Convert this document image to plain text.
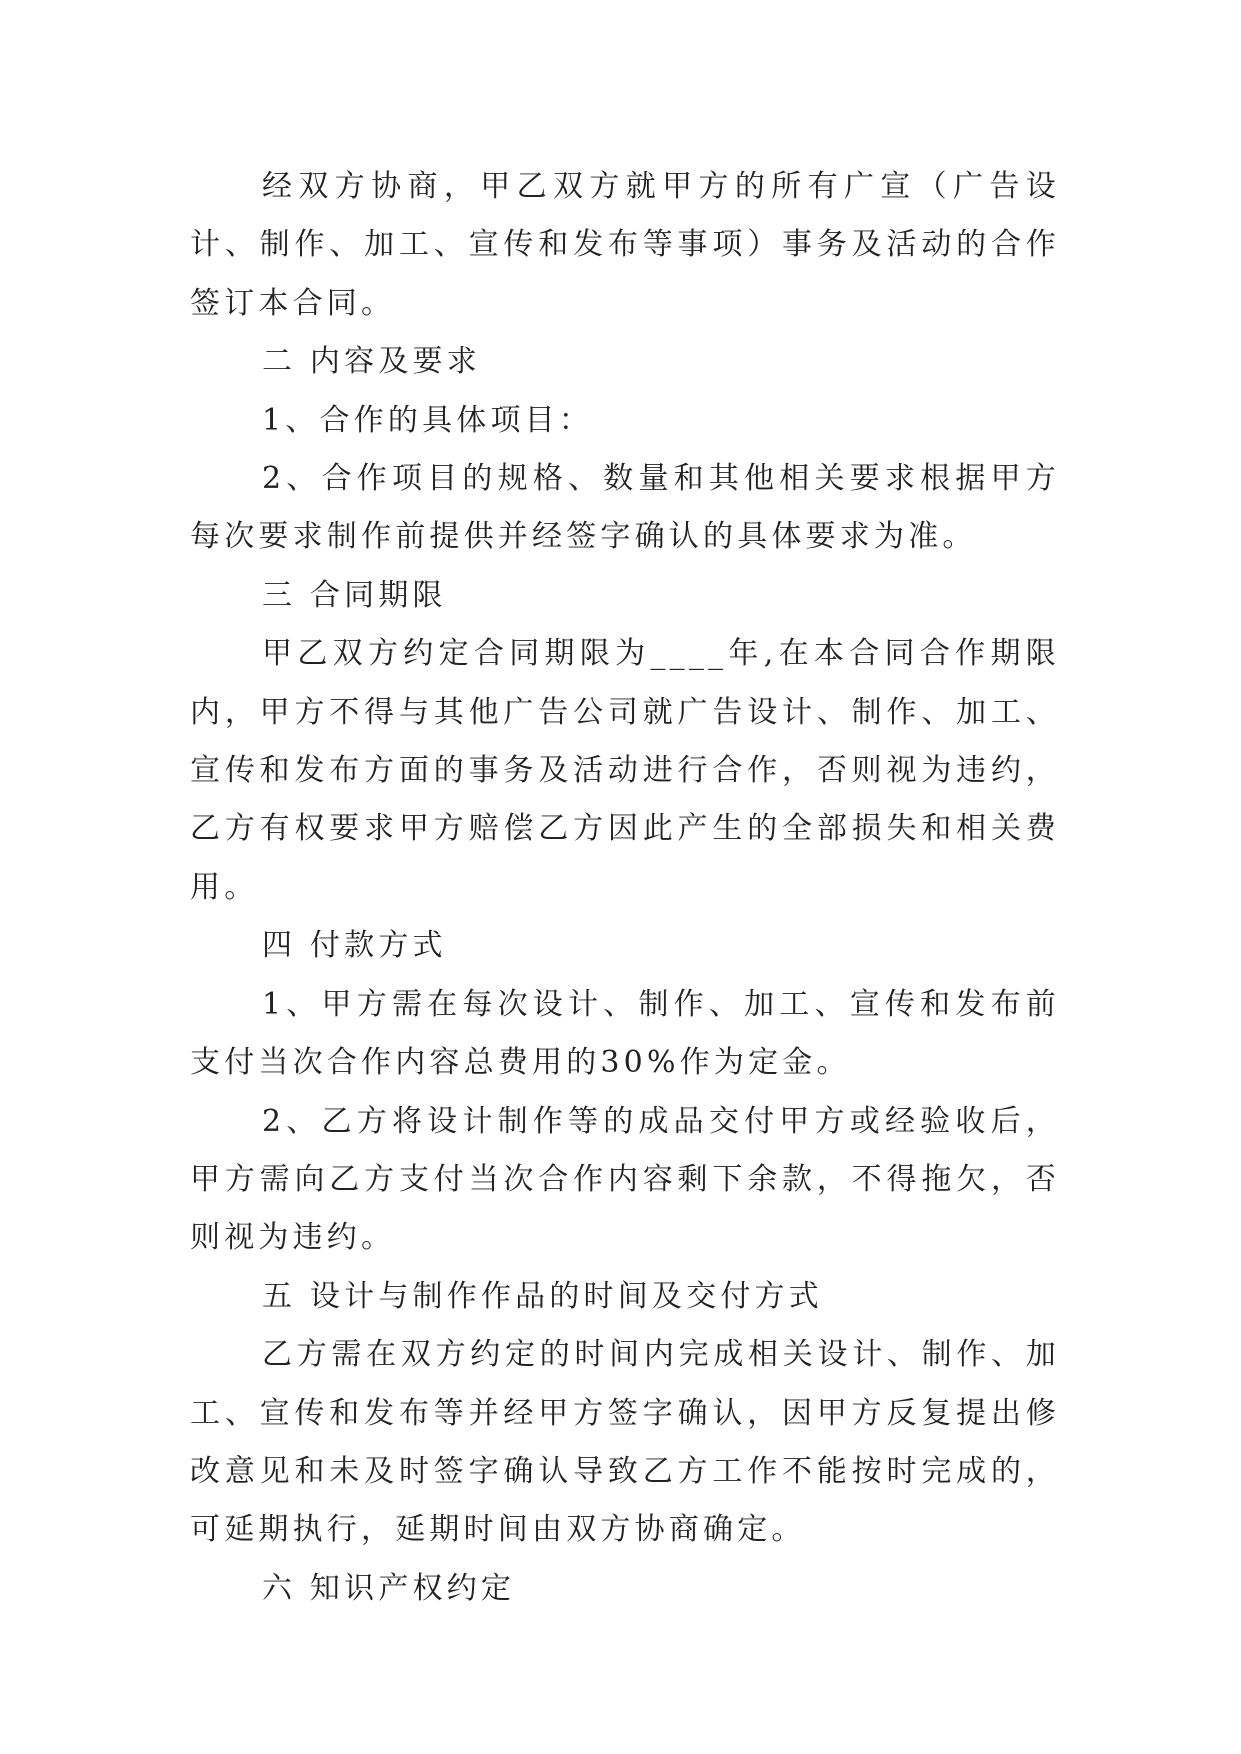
经双方协商，甲乙双方就甲方的所有广宣（广告设计、制作、加工、宣传和发布等事项）事务及活动的合作签订本合同。

二 内容及要求

1、合作的具体项目：

2、合作项目的规格、数量和其他相关要求根据甲方每次要求制作前提供并经签字确认的具体要求为准。

三 合同期限

甲乙双方约定合同期限为____年,在本合同合作期限内，甲方不得与其他广告公司就广告设计、制作、加工、宣传和发布方面的事务及活动进行合作，否则视为违约，乙方有权要求甲方赔偿乙方因此产生的全部损失和相关费用。

四 付款方式

1、甲方需在每次设计、制作、加工、宣传和发布前支付当次合作内容总费用的30%作为定金。

2、乙方将设计制作等的成品交付甲方或经验收后，甲方需向乙方支付当次合作内容剩下余款，不得拖欠，否则视为违约。

五 设计与制作作品的时间及交付方式

乙方需在双方约定的时间内完成相关设计、制作、加工、宣传和发布等并经甲方签字确认，因甲方反复提出修改意见和未及时签字确认导致乙方工作不能按时完成的，可延期执行，延期时间由双方协商确定。

六 知识产权约定
